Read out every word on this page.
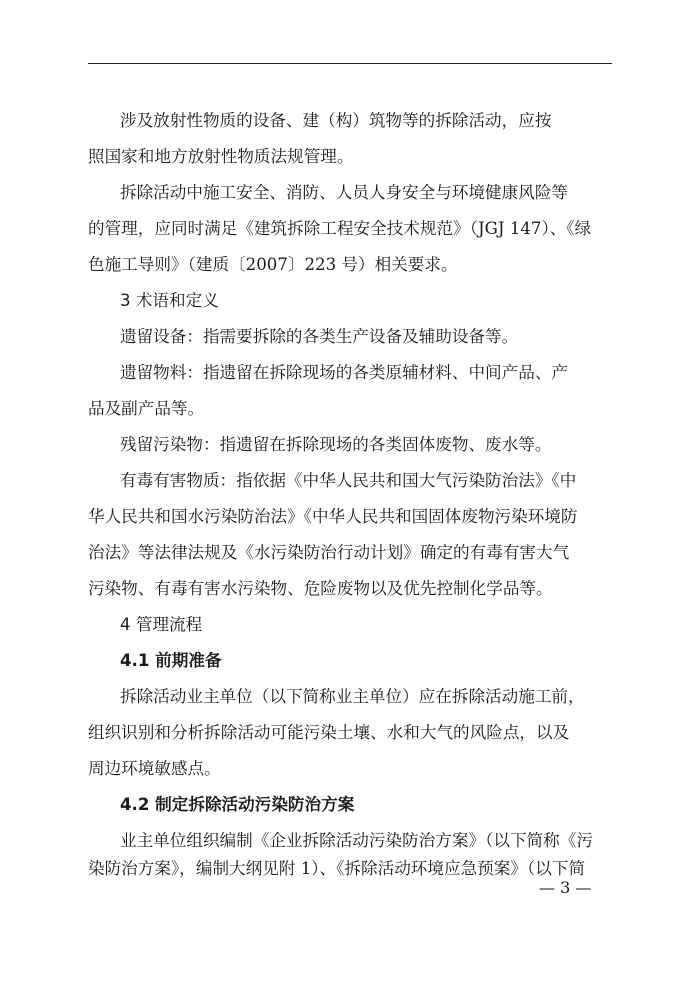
涉及放射性物质的设备、建（构）筑物等的拆除活动，应按
照国家和地方放射性物质法规管理。
拆除活动中施工安全、消防、人员人身安全与环境健康风险等
的管理，应同时满足《建筑拆除工程安全技术规范》（JGJ 147）、《绿
色施工导则》（建质〔2007〕223 号）相关要求。
3 术语和定义
遗留设备：指需要拆除的各类生产设备及辅助设备等。
遗留物料：指遗留在拆除现场的各类原辅材料、中间产品、产
品及副产品等。
残留污染物：指遗留在拆除现场的各类固体废物、废水等。
有毒有害物质：指依据《中华人民共和国大气污染防治法》《中
华人民共和国水污染防治法》《中华人民共和国固体废物污染环境防
治法》等法律法规及《水污染防治行动计划》确定的有毒有害大气
污染物、有毒有害水污染物、危险废物以及优先控制化学品等。
4 管理流程
4.1 前期准备
拆除活动业主单位（以下简称业主单位）应在拆除活动施工前，
组织识别和分析拆除活动可能污染土壤、水和大气的风险点，以及
周边环境敏感点。
4.2 制定拆除活动污染防治方案
业主单位组织编制《企业拆除活动污染防治方案》（以下简称《污
染防治方案》，编制大纲见附 1）、《拆除活动环境应急预案》（以下简
— 3 —
